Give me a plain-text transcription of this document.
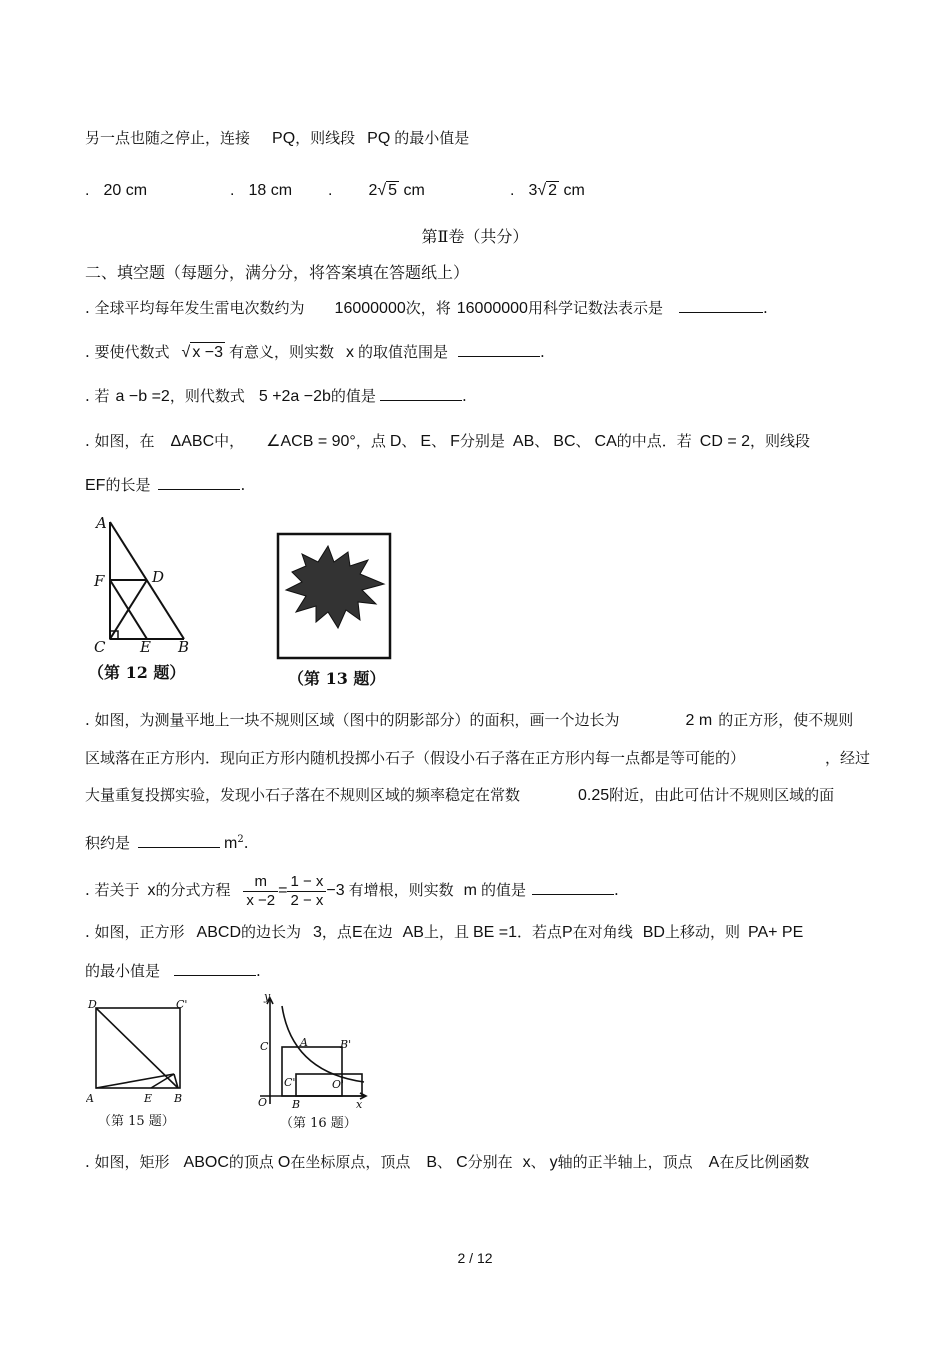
另一点也随之停止，连接 PQ，则线段 PQ 的最小值是
. 20 cm	. 18 cm . 2√ 5 cm	. 3√ 2 cm
第Ⅱ卷（共分）
二、填空题（每题分，满分分，将答案填在答题纸上）
. 全球平均每年发生雷电次数约为 16000000次，将 16000000用科学记数法表示是	.
. 要使代数式 √ x −3 有意义，则实数 x 的取值范围是	.
. 若 a −b =2，则代数式 5 +2a −2b的值是	.
. 如图，在 ΔABC中， ∠ACB = 90°，点 D、 E、 F分别是 AB、 BC、 CA的中点．若 CD = 2，则线段
EF的长是	.
A
F	D
C E B
（第 12 题）	（第 13 题）
. 如图，为测量平地上一块不规则区域（图中的阴影部分）的面积，画一个边长为	2 m 的正方形，使不规则
区域落在正方形内．现向正方形内随机投掷小石子（假设小石子落在正方形内每一点都是等可能的）	，经过
大量重复投掷实验，发现小石子落在不规则区域的频率稳定在常数	0.25附近，由此可估计不规则区域的面
积约是	$m^2$.
. 若关于 x的分式方程 $\frac{m}{x -2} = \frac{1 - x}{2 - x} -3$ 有增根，则实数 m 的值是	.
. 如图，正方形 ABCD的边长为 3，点E在边 AB上，且 BE =1．若点P在对角线 BD上移动，则 PA+ PE
的最小值是	.
D	C'
A	E B
（第 15 题）
y
C	A	B'
C'	O'
O B	x
（第 16 题）
. 如图，矩形 ABOC的顶点 O在坐标原点，顶点 B、 C分别在 x、 y轴的正半轴上，顶点 A在反比例函数
2 / 12
